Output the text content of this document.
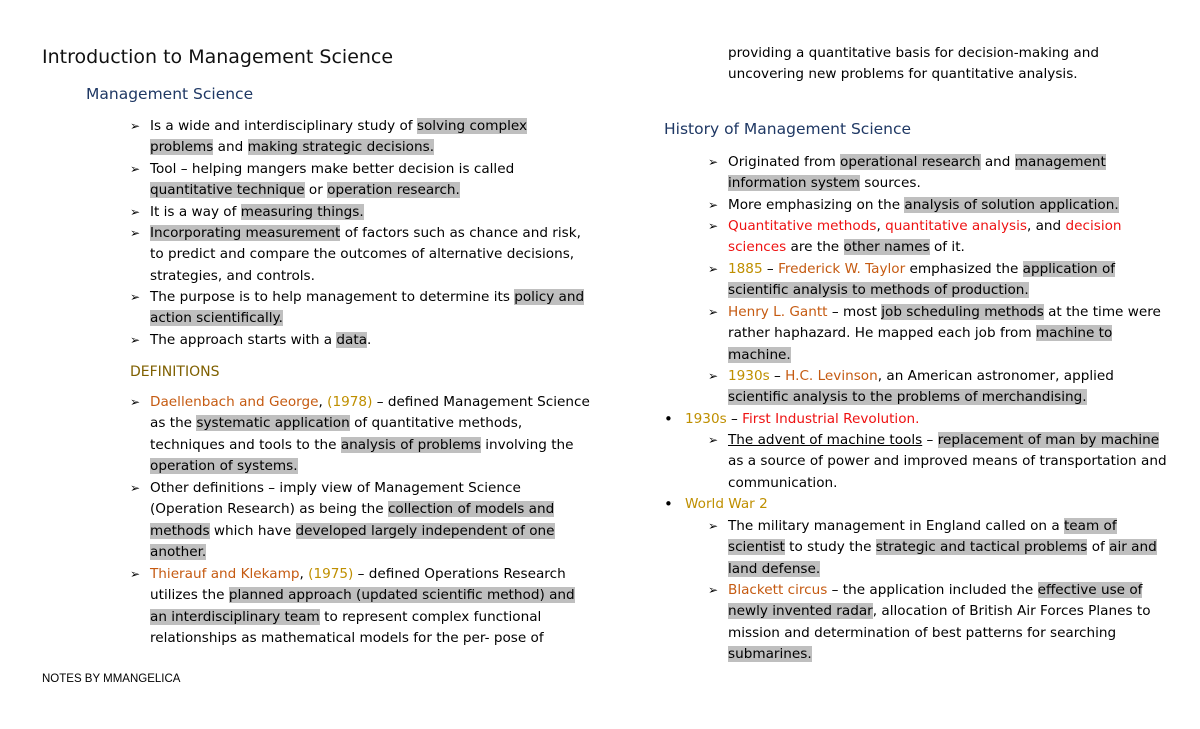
Introduction to Management Science
Management Science
➢ Is a wide and interdisciplinary study of solving complex
problems and making strategic decisions.
➢ Tool – helping mangers make better decision is called
quantitative technique or operation research.
➢ It is a way of measuring things.
➢ Incorporating measurement of factors such as chance and risk,
to predict and compare the outcomes of alternative decisions,
strategies, and controls.
➢ The purpose is to help management to determine its policy and
action scientifically.
➢ The approach starts with a data.
DEFINITIONS
➢ Daellenbach and George, (1978) – defined Management Science
as the systematic application of quantitative methods,
techniques and tools to the analysis of problems involving the
operation of systems.
➢ Other definitions – imply view of Management Science
(Operation Research) as being the collection of models and
methods which have developed largely independent of one
another.
➢ Thierauf and Klekamp, (1975) – defined Operations Research
utilizes the planned approach (updated scientific method) and
an interdisciplinary team to represent complex functional
relationships as mathematical models for the per- pose of
NOTES BY MMANGELICA
providing a quantitative basis for decision-making and
uncovering new problems for quantitative analysis.
History of Management Science
➢ Originated from operational research and management
information system sources.
➢ More emphasizing on the analysis of solution application.
➢ Quantitative methods, quantitative analysis, and decision
sciences are the other names of it.
➢ 1885 – Frederick W. Taylor emphasized the application of
scientific analysis to methods of production.
➢ Henry L. Gantt – most job scheduling methods at the time were
rather haphazard. He mapped each job from machine to
machine.
➢ 1930s – H.C. Levinson, an American astronomer, applied
scientific analysis to the problems of merchandising.
• 1930s – First Industrial Revolution.
➢ The advent of machine tools – replacement of man by machine
as a source of power and improved means of transportation and
communication.
• World War 2
➢ The military management in England called on a team of
scientist to study the strategic and tactical problems of air and
land defense.
➢ Blackett circus – the application included the effective use of
newly invented radar, allocation of British Air Forces Planes to
mission and determination of best patterns for searching
submarines.
